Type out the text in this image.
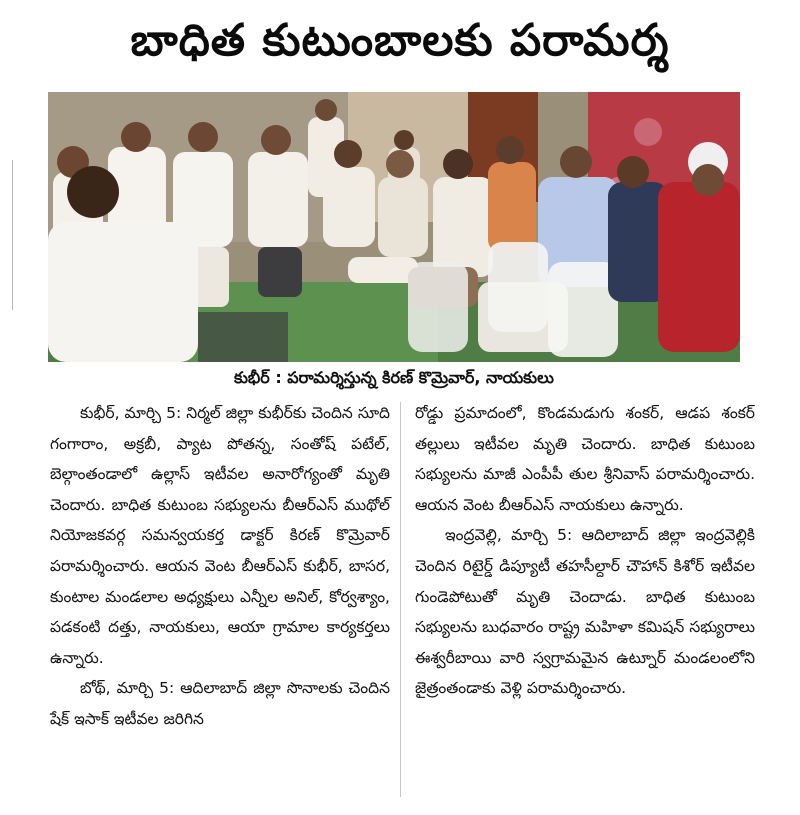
బాధిత కుటుంబాలకు పరామర్శ
కుభీర్ : పరామర్శిస్తున్న కిరణ్ కొమ్రెవార్, నాయకులు

కుభీర్, మార్చి 5: నిర్మల్ జిల్లా కుభీర్‌కు చెందిన సూది గంగారాం, అక్రబీ, ప్యాట పోతన్న, సంతోష్ పటేల్, బెల్గాంతండాలో ఉల్లాస్ ఇటీవల అనారోగ్యంతో మృతి చెందారు. బాధిత కుటుంబ సభ్యులను బీఆర్ఎస్ ముథోల్ నియోజకవర్గ సమన్వయకర్త డాక్టర్ కిరణ్ కొమ్రెవార్ పరామర్శించారు. ఆయన వెంట బీఆర్ఎస్ కుభీర్, బాసర, కుంటాల మండలాల అధ్యక్షులు ఎన్నీల అనిల్, కోర్వశ్యాం, పడకంటి దత్తు, నాయకులు, ఆయా గ్రామాల కార్యకర్తలు ఉన్నారు.

బోథ్, మార్చి 5: ఆదిలాబాద్ జిల్లా సొనాలకు చెందిన షేక్ ఇసాక్ ఇటీవల జరిగిన

రోడ్డు ప్రమాదంలో, కొండమడుగు శంకర్, ఆడప శంకర్ తల్లులు ఇటీవల మృతి చెందారు. బాధిత కుటుంబ సభ్యులను మాజీ ఎంపీపీ తుల శ్రీనివాస్ పరామర్శించారు. ఆయన వెంట బీఆర్ఎస్ నాయకులు ఉన్నారు.

ఇంద్రవెల్లి, మార్చి 5: ఆదిలాబాద్ జిల్లా ఇంద్రవెల్లికి చెందిన రిటైర్డ్ డిప్యూటీ తహసీల్దార్ చౌహాన్ కిశోర్ ఇటీవల గుండెపోటుతో మృతి చెందాడు. బాధిత కుటుంబ సభ్యులను బుధవారం రాష్ట్ర మహిళా కమిషన్ సభ్యురాలు ఈశ్వరీబాయి వారి స్వగ్రామమైన ఉట్నూర్ మండలంలోని జైత్రంతండాకు వెళ్లి పరామర్శించారు.
